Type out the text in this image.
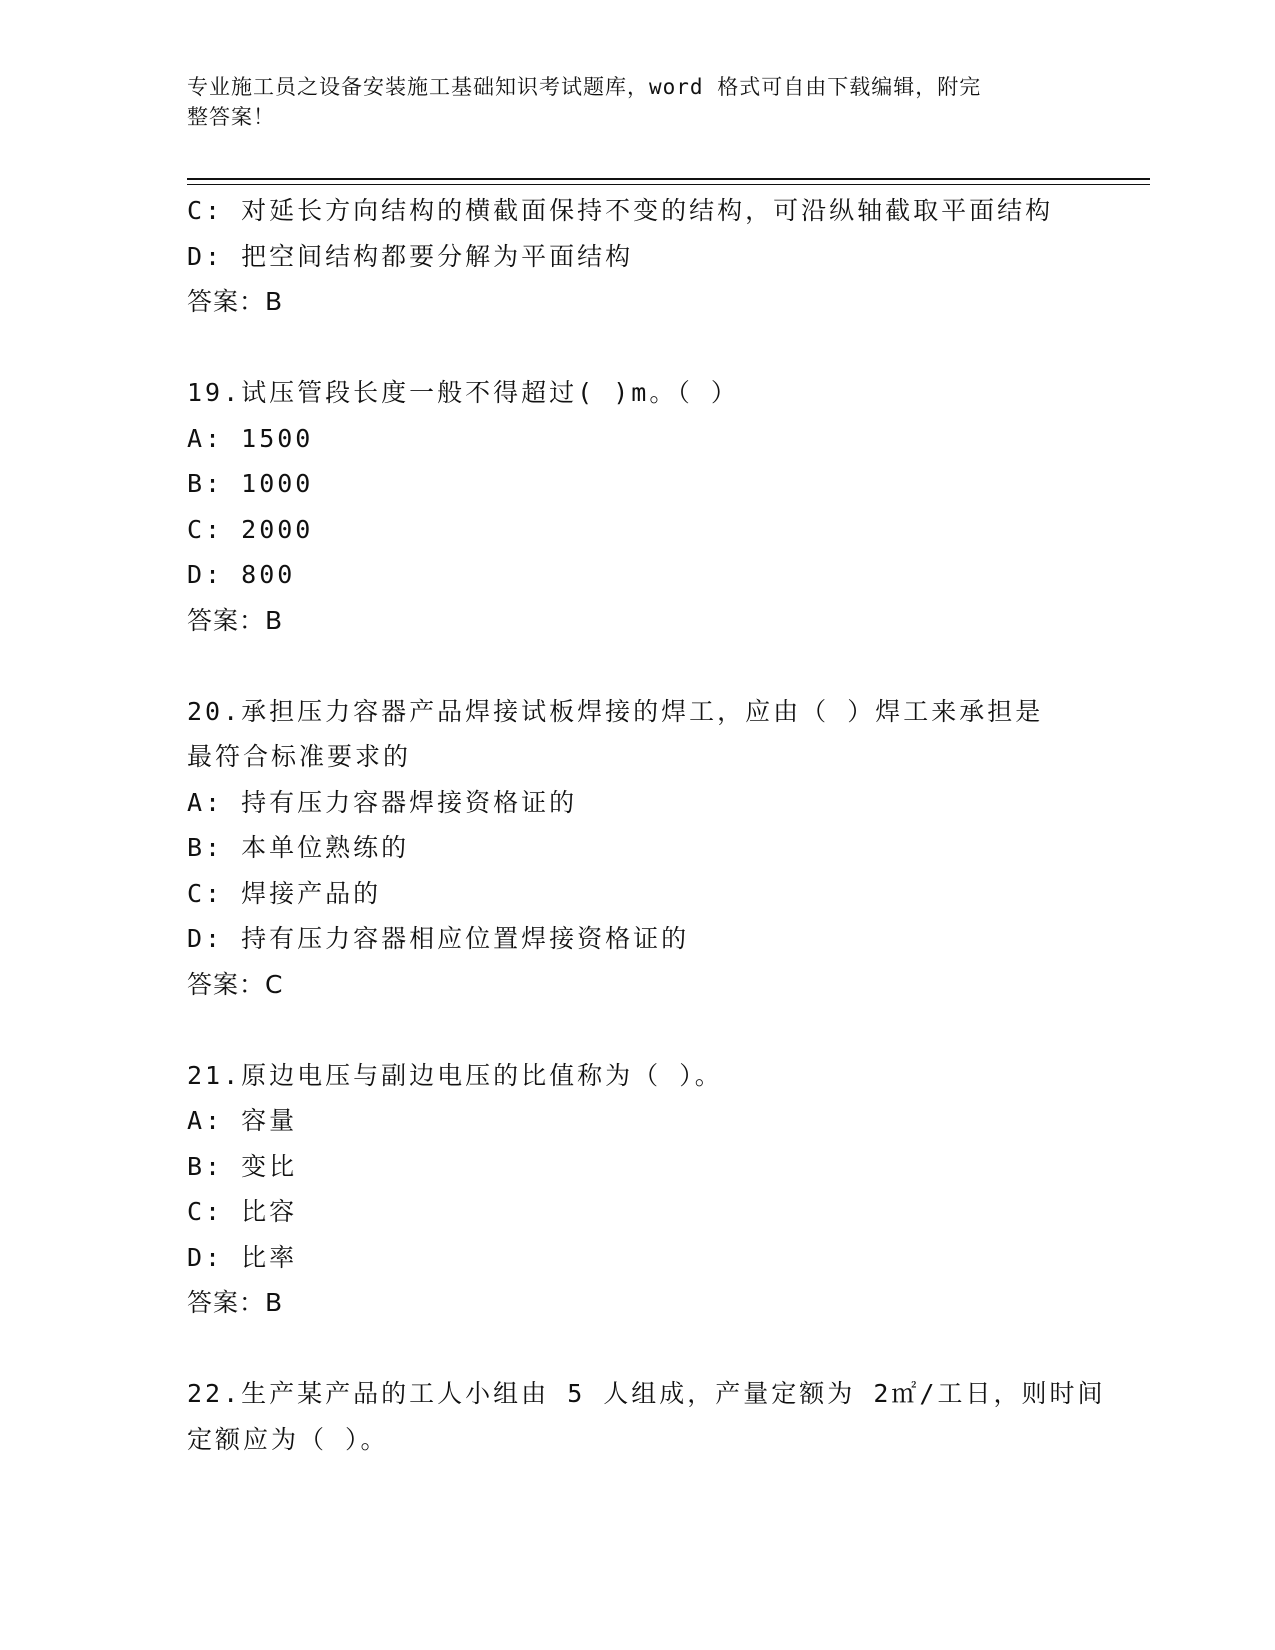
专业施工员之设备安装施工基础知识考试题库，word 格式可自由下载编辑，附完
整答案！
C: 对延长方向结构的横截面保持不变的结构，可沿纵轴截取平面结构
D: 把空间结构都要分解为平面结构
答案：B
19.试压管段长度一般不得超过( )m。（ ）
A: 1500
B: 1000
C: 2000
D: 800
答案：B
20.承担压力容器产品焊接试板焊接的焊工，应由（ ）焊工来承担是
最符合标准要求的
A: 持有压力容器焊接资格证的
B: 本单位熟练的
C: 焊接产品的
D: 持有压力容器相应位置焊接资格证的
答案：C
21.原边电压与副边电压的比值称为（ ）。
A: 容量
B: 变比
C: 比容
D: 比率
答案：B
22.生产某产品的工人小组由 5 人组成，产量定额为 2㎡/工日，则时间
定额应为（ ）。
